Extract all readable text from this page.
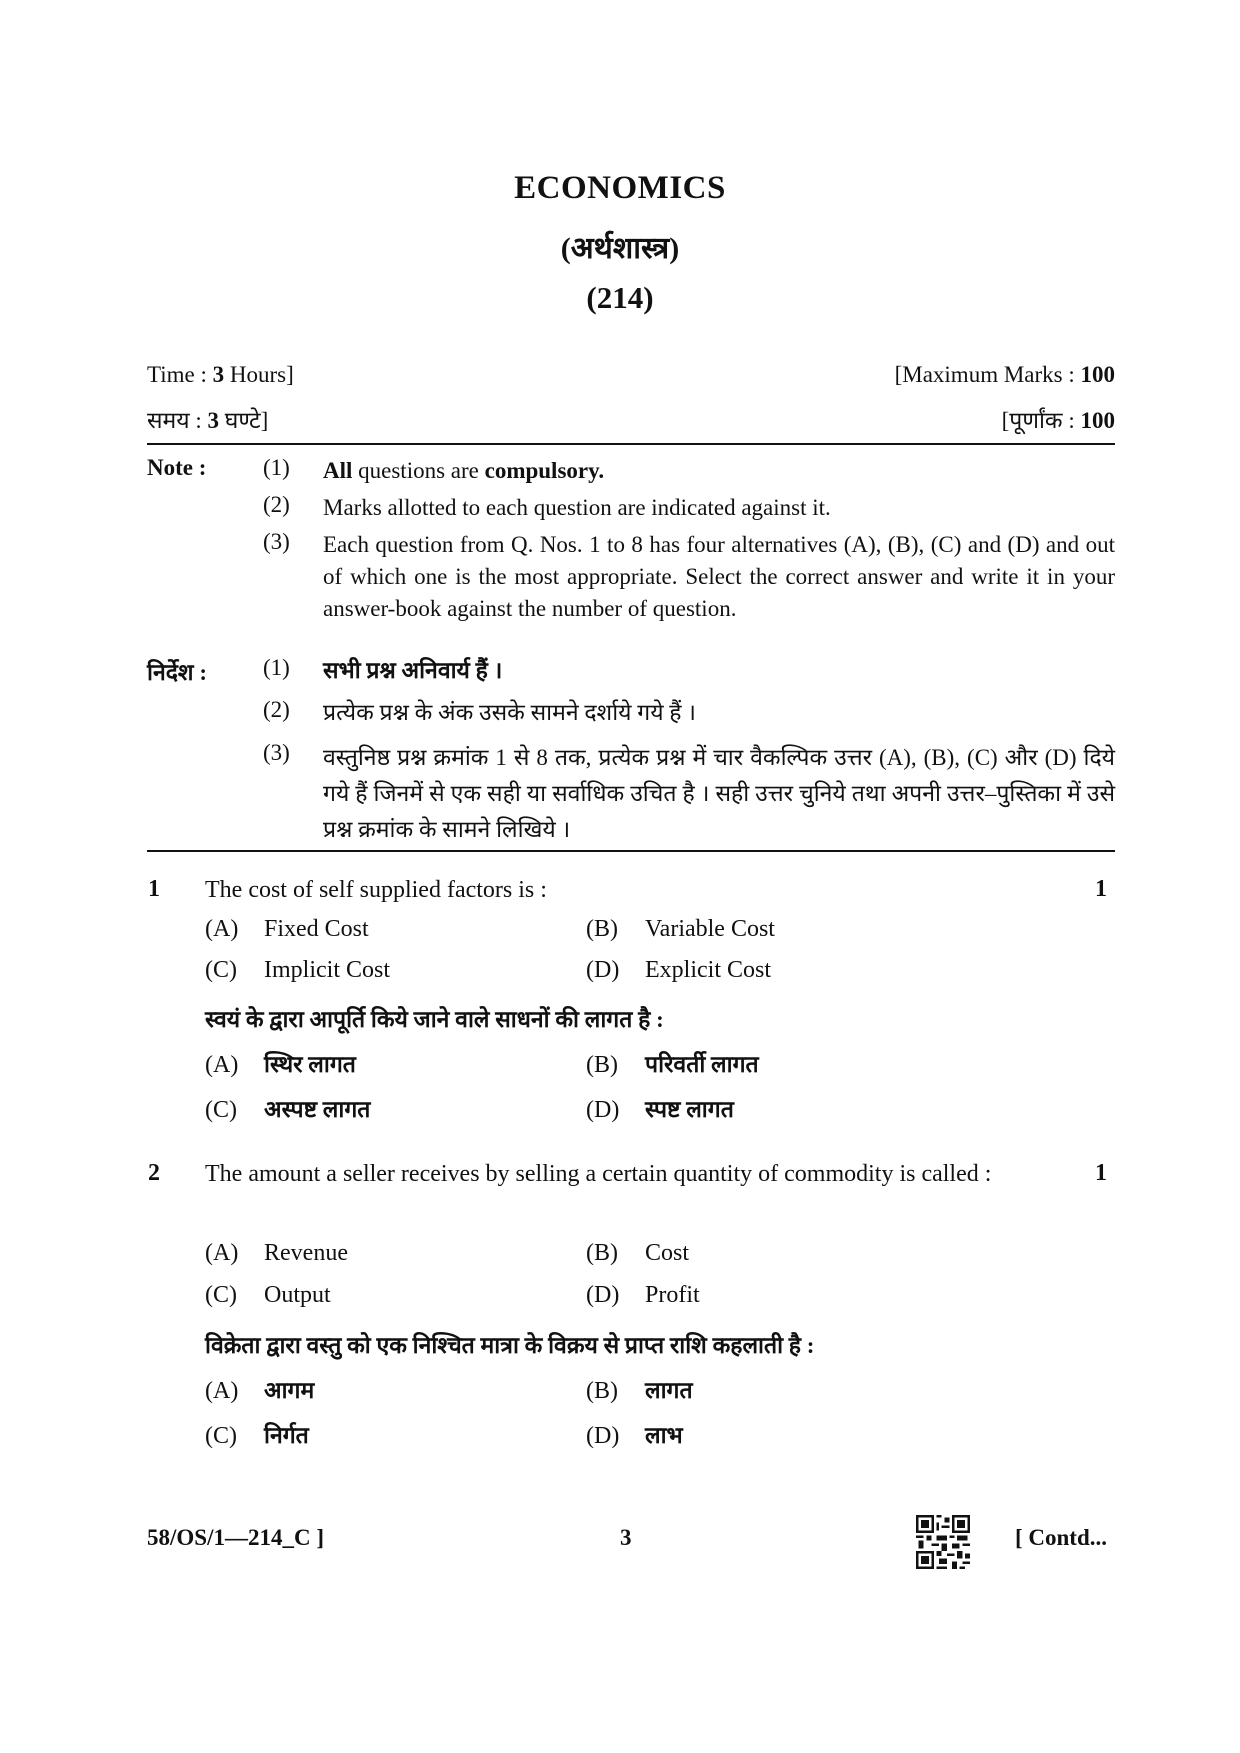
ECONOMICS
(अर्थशास्त्र)
(214)
Time : 3 Hours]	[Maximum Marks : 100
समय : 3 घण्टे]	[पूर्णांक : 100
Note : (1) All questions are compulsory.
(2) Marks allotted to each question are indicated against it.
(3) Each question from Q. Nos. 1 to 8 has four alternatives (A), (B), (C) and (D) and out of which one is the most appropriate. Select the correct answer and write it in your answer-book against the number of question.
निर्देश : (1) सभी प्रश्न अनिवार्य हैं ।
(2) प्रत्येक प्रश्न के अंक उसके सामने दर्शाये गये हैं ।
(3) वस्तुनिष्ठ प्रश्न क्रमांक 1 से 8 तक, प्रत्येक प्रश्न में चार वैकल्पिक उत्तर (A), (B), (C) और (D) दिये गये हैं जिनमें से एक सही या सर्वाधिक उचित है । सही उत्तर चुनिये तथा अपनी उत्तर–पुस्तिका में उसे प्रश्न क्रमांक के सामने लिखिये ।
1 The cost of self supplied factors is :	1
(A) Fixed Cost	(B) Variable Cost
(C) Implicit Cost	(D) Explicit Cost
स्वयं के द्वारा आपूर्ति किये जाने वाले साधनों की लागत है :
(A) स्थिर लागत	(B) परिवर्ती लागत
(C) अस्पष्ट लागत	(D) स्पष्ट लागत
2 The amount a seller receives by selling a certain quantity of commodity is called :	1
(A) Revenue	(B) Cost
(C) Output	(D) Profit
विक्रेता द्वारा वस्तु को एक निश्चित मात्रा के विक्रय से प्राप्त राशि कहलाती है :
(A) आगम	(B) लागत
(C) निर्गत	(D) लाभ
58/OS/1—214_C ]	3	[ Contd...
